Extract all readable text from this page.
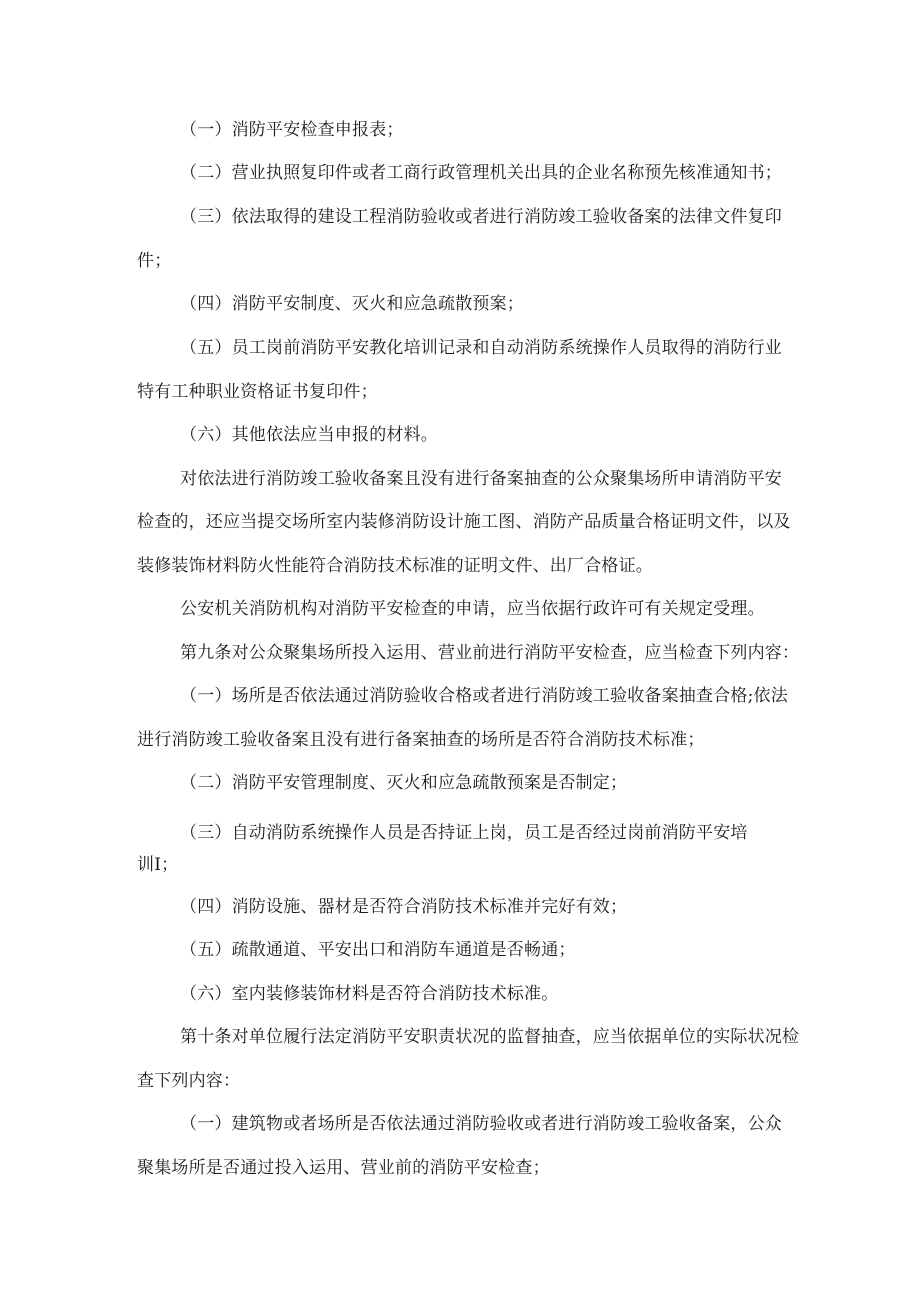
（一）消防平安检查申报表；
（二）营业执照复印件或者工商行政管理机关出具的企业名称预先核准通知书；
（三）依法取得的建设工程消防验收或者进行消防竣工验收备案的法律文件复印
件；
（四）消防平安制度、灭火和应急疏散预案；
（五）员工岗前消防平安教化培训记录和自动消防系统操作人员取得的消防行业
特有工种职业资格证书复印件；
（六）其他依法应当申报的材料。
对依法进行消防竣工验收备案且没有进行备案抽查的公众聚集场所申请消防平安
检查的，还应当提交场所室内装修消防设计施工图、消防产品质量合格证明文件，以及
装修装饰材料防火性能符合消防技术标准的证明文件、出厂合格证。
公安机关消防机构对消防平安检查的申请，应当依据行政许可有关规定受理。
第九条对公众聚集场所投入运用、营业前进行消防平安检查，应当检查下列内容：
（一）场所是否依法通过消防验收合格或者进行消防竣工验收备案抽查合格;依法
进行消防竣工验收备案且没有进行备案抽查的场所是否符合消防技术标准；
（二）消防平安管理制度、灭火和应急疏散预案是否制定；
（三）自动消防系统操作人员是否持证上岗，员工是否经过岗前消防平安培
训I；
（四）消防设施、器材是否符合消防技术标准并完好有效；
（五）疏散通道、平安出口和消防车通道是否畅通；
（六）室内装修装饰材料是否符合消防技术标准。
第十条对单位履行法定消防平安职责状况的监督抽查，应当依据单位的实际状况检
查下列内容：
（一）建筑物或者场所是否依法通过消防验收或者进行消防竣工验收备案，公众
聚集场所是否通过投入运用、营业前的消防平安检查；
